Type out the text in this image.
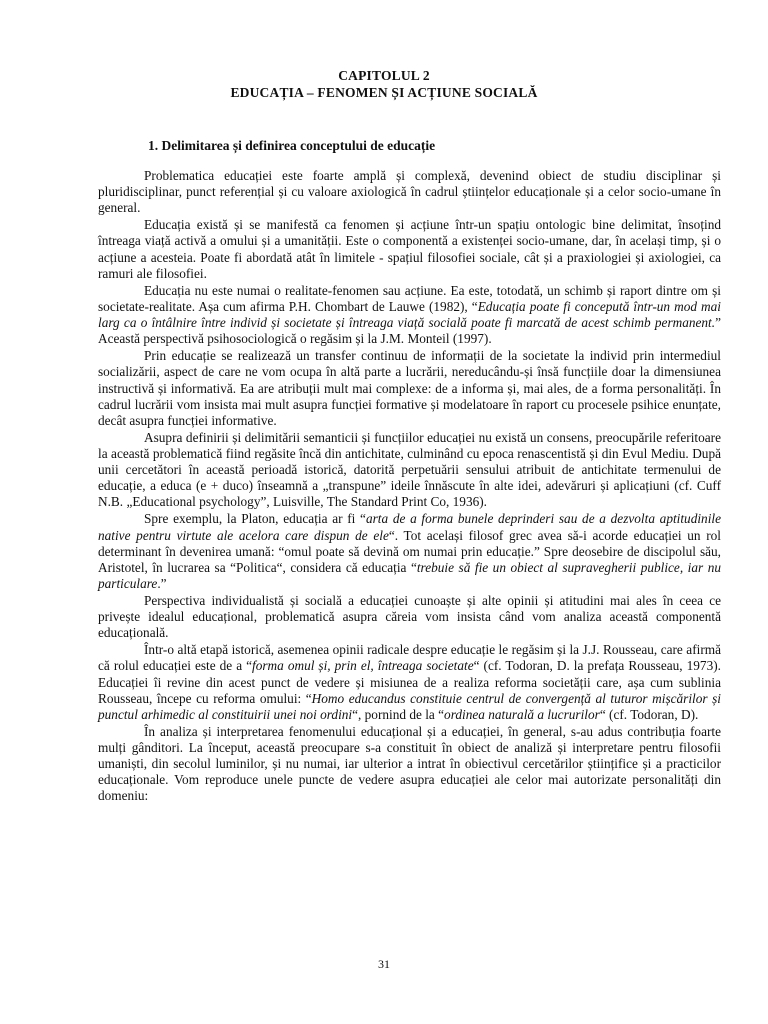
CAPITOLUL 2
EDUCAȚIA – FENOMEN ȘI ACȚIUNE SOCIALĂ
1. Delimitarea și definirea conceptului de educație

Problematica educației este foarte amplă și complexă, devenind obiect de studiu disciplinar și pluridisciplinar, punct referențial și cu valoare axiologică în cadrul științelor educaționale și a celor socio-umane în general.

Educația există și se manifestă ca fenomen și acțiune într-un spațiu ontologic bine delimitat, însoțind întreaga viață activă a omului și a umanității. Este o componentă a existenței socio-umane, dar, în același timp, și o acțiune a acesteia. Poate fi abordată atât în limitele - spațiul filosofiei sociale, cât și a praxiologiei și axiologiei, ca ramuri ale filosofiei.

Educația nu este numai o realitate-fenomen sau acțiune. Ea este, totodată, un schimb și raport dintre om și societate-realitate. Așa cum afirma P.H. Chombart de Lauwe (1982), “Educația poate fi concepută într-un mod mai larg ca o întâlnire între individ și societate și întreaga viață socială poate fi marcată de acest schimb permanent.” Această perspectivă psihosociologică o regăsim și la J.M. Monteil (1997).

Prin educație se realizează un transfer continuu de informații de la societate la individ prin intermediul socializării, aspect de care ne vom ocupa în altă parte a lucrării, nereducându-și însă funcțiile doar la dimensiunea instructivă și informativă. Ea are atribuții mult mai complexe: de a informa și, mai ales, de a forma personalități. În cadrul lucrării vom insista mai mult asupra funcției formative și modelatoare în raport cu procesele psihice enunțate, decât asupra funcției informative.

Asupra definirii și delimitării semanticii și funcțiilor educației nu există un consens, preocupările referitoare la această problematică fiind regăsite încă din antichitate, culminând cu epoca renascentistă și din Evul Mediu. După unii cercetători în această perioadă istorică, datorită perpetuării sensului atribuit de antichitate termenului de educație, a educa (e + duco) înseamnă a „transpune” ideile înnăscute în alte idei, adevăruri și aplicațiuni (cf. Cuff N.B. „Educational psychology”, Luisville, The Standard Print Co, 1936).

Spre exemplu, la Platon, educația ar fi “arta de a forma bunele deprinderi sau de a dezvolta aptitudinile native pentru virtute ale acelora care dispun de ele“. Tot același filosof grec avea să-i acorde educației un rol determinant în devenirea umană: “omul poate să devină om numai prin educație.” Spre deosebire de discipolul său, Aristotel, în lucrarea sa “Politica“, considera că educația “trebuie să fie un obiect al supravegherii publice, iar nu particulare.”

Perspectiva individualistă și socială a educației cunoaște și alte opinii și atitudini mai ales în ceea ce privește idealul educațional, problematică asupra căreia vom insista când vom analiza această componentă educațională.

Într-o altă etapă istorică, asemenea opinii radicale despre educație le regăsim și la J.J. Rousseau, care afirmă că rolul educației este de a “forma omul și, prin el, întreaga societate“ (cf. Todoran, D. la prefața Rousseau, 1973). Educației îi revine din acest punct de vedere și misiunea de a realiza reforma societății care, așa cum sublinia Rousseau, începe cu reforma omului: “Homo educandus constituie centrul de convergență al tuturor mișcărilor și punctul arhimedic al constituirii unei noi ordini“, pornind de la “ordinea naturală a lucrurilor“ (cf. Todoran, D).

În analiza și interpretarea fenomenului educațional și a educației, în general, s-au adus contribuția foarte mulți gânditori. La început, această preocupare s-a constituit în obiect de analiză și interpretare pentru filosofii umaniști, din secolul luminilor, și nu numai, iar ulterior a intrat în obiectivul cercetărilor științifice și a practicilor educaționale. Vom reproduce unele puncte de vedere asupra educației ale celor mai autorizate personalități din domeniu:

31
